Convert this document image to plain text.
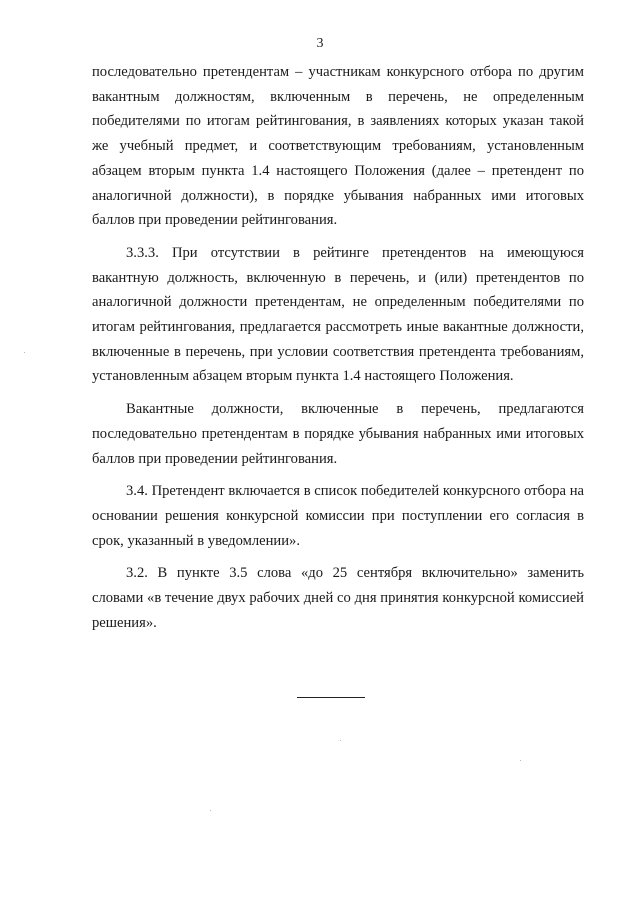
3

последовательно претендентам – участникам конкурсного отбора по другим вакантным должностям, включенным в перечень, не определенным победителями по итогам рейтингования, в заявлениях которых указан такой же учебный предмет, и соответствующим требованиям, установленным абзацем вторым пункта 1.4 настоящего Положения (далее – претендент по аналогичной должности), в порядке убывания набранных ими итоговых баллов при проведении рейтингования.

3.3.3. При отсутствии в рейтинге претендентов на имеющуюся вакантную должность, включенную в перечень, и (или) претендентов по аналогичной должности претендентам, не определенным победителями по итогам рейтингования, предлагается рассмотреть иные вакантные должности, включенные в перечень, при условии соответствия претендента требованиям, установленным абзацем вторым пункта 1.4 настоящего Положения.

Вакантные должности, включенные в перечень, предлагаются последовательно претендентам в порядке убывания набранных ими итоговых баллов при проведении рейтингования.

3.4. Претендент включается в список победителей конкурсного отбора на основании решения конкурсной комиссии при поступлении его согласия в срок, указанный в уведомлении».

3.2. В пункте 3.5 слова «до 25 сентября включительно» заменить словами «в течение двух рабочих дней со дня принятия конкурсной комиссией решения».
